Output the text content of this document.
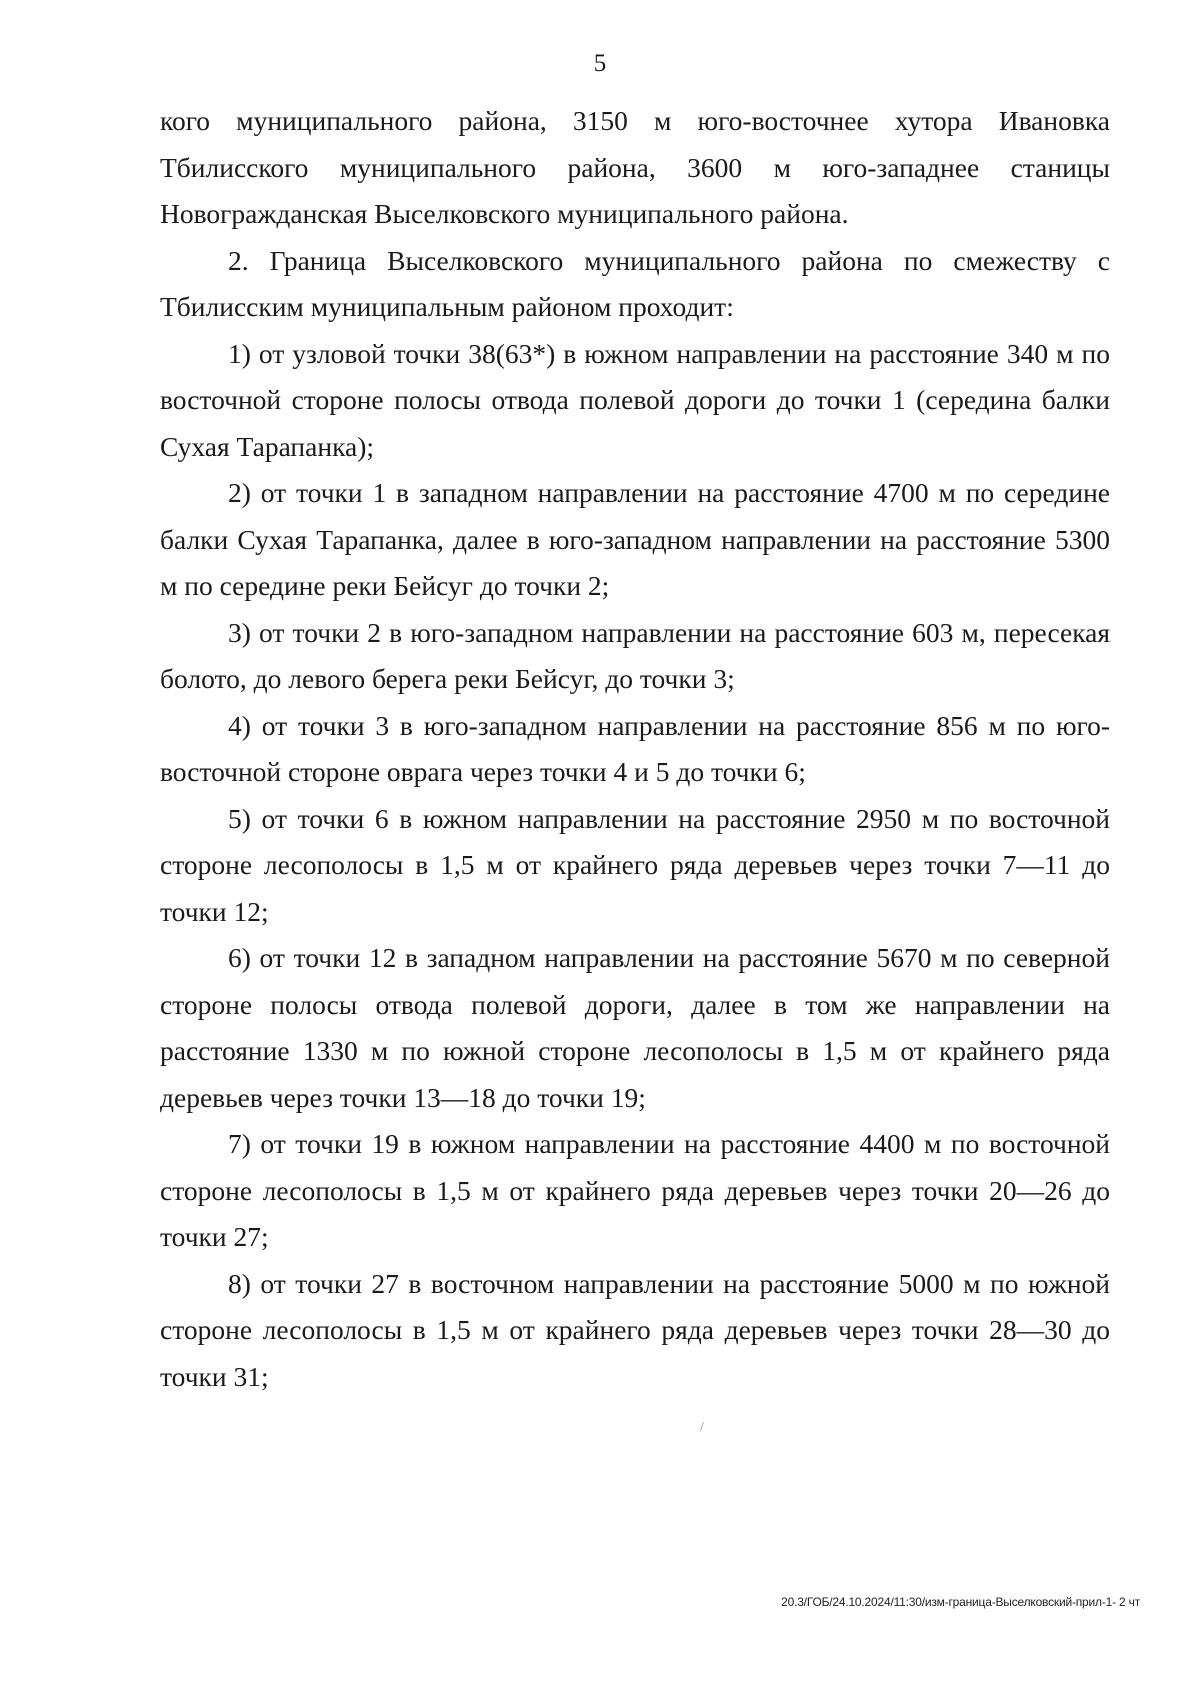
5

кого муниципального района, 3150 м юго-восточнее хутора Ивановка Тбилисского муниципального района, 3600 м юго-западнее станицы Новогражданская Выселковского муниципального района.

2. Граница Выселковского муниципального района по смежеству с Тбилисским муниципальным районом проходит:

1) от узловой точки 38(63*) в южном направлении на расстояние 340 м по восточной стороне полосы отвода полевой дороги до точки 1 (середина балки Сухая Тарапанка);

2) от точки 1 в западном направлении на расстояние 4700 м по середине балки Сухая Тарапанка, далее в юго-западном направлении на расстояние 5300 м по середине реки Бейсуг до точки 2;

3) от точки 2 в юго-западном направлении на расстояние 603 м, пересекая болото, до левого берега реки Бейсуг, до точки 3;

4) от точки 3 в юго-западном направлении на расстояние 856 м по юго-восточной стороне оврага через точки 4 и 5 до точки 6;

5) от точки 6 в южном направлении на расстояние 2950 м по восточной стороне лесополосы в 1,5 м от крайнего ряда деревьев через точки 7—11 до точки 12;

6) от точки 12 в западном направлении на расстояние 5670 м по северной стороне полосы отвода полевой дороги, далее в том же направлении на расстояние 1330 м по южной стороне лесополосы в 1,5 м от крайнего ряда деревьев через точки 13—18 до точки 19;

7) от точки 19 в южном направлении на расстояние 4400 м по восточной стороне лесополосы в 1,5 м от крайнего ряда деревьев через точки 20—26 до точки 27;

8) от точки 27 в восточном направлении на расстояние 5000 м по южной стороне лесополосы в 1,5 м от крайнего ряда деревьев через точки 28—30 до точки 31;

/
20.3/ГОБ/24.10.2024/11:30/изм-граница-Выселковский-прил-1- 2 чт
